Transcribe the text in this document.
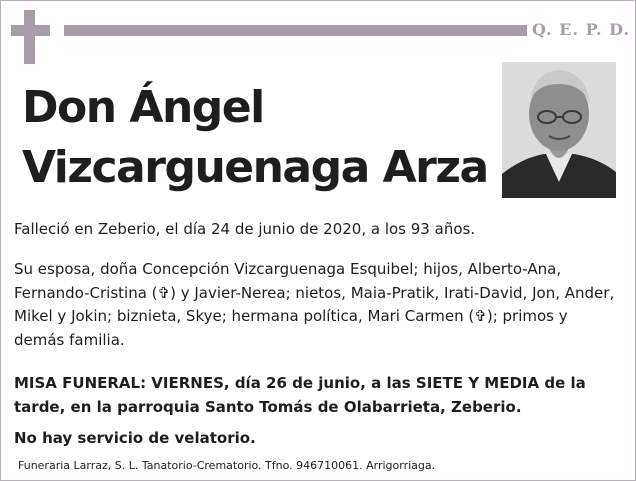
Q. E. P. D.
Don Ángel
Vizcarguenaga Arza

Falleció en Zeberio, el día 24 de junio de 2020, a los 93 años.

Su esposa, doña Concepción Vizcarguenaga Esquibel; hijos, Alberto-Ana, Fernando-Cristina (✞) y Javier-Nerea; nietos, Maia-Pratik, Irati-David, Jon, Ander, Mikel y Jokin; biznieta, Skye; hermana política, Mari Carmen (✞); primos y demás familia.

MISA FUNERAL: VIERNES, día 26 de junio, a las SIETE Y MEDIA de la tarde, en la parroquia Santo Tomás de Olabarrieta, Zeberio.

No hay servicio de velatorio.

Funeraria Larraz, S. L. Tanatorio-Crematorio. Tfno. 946710061. Arrigorriaga.
